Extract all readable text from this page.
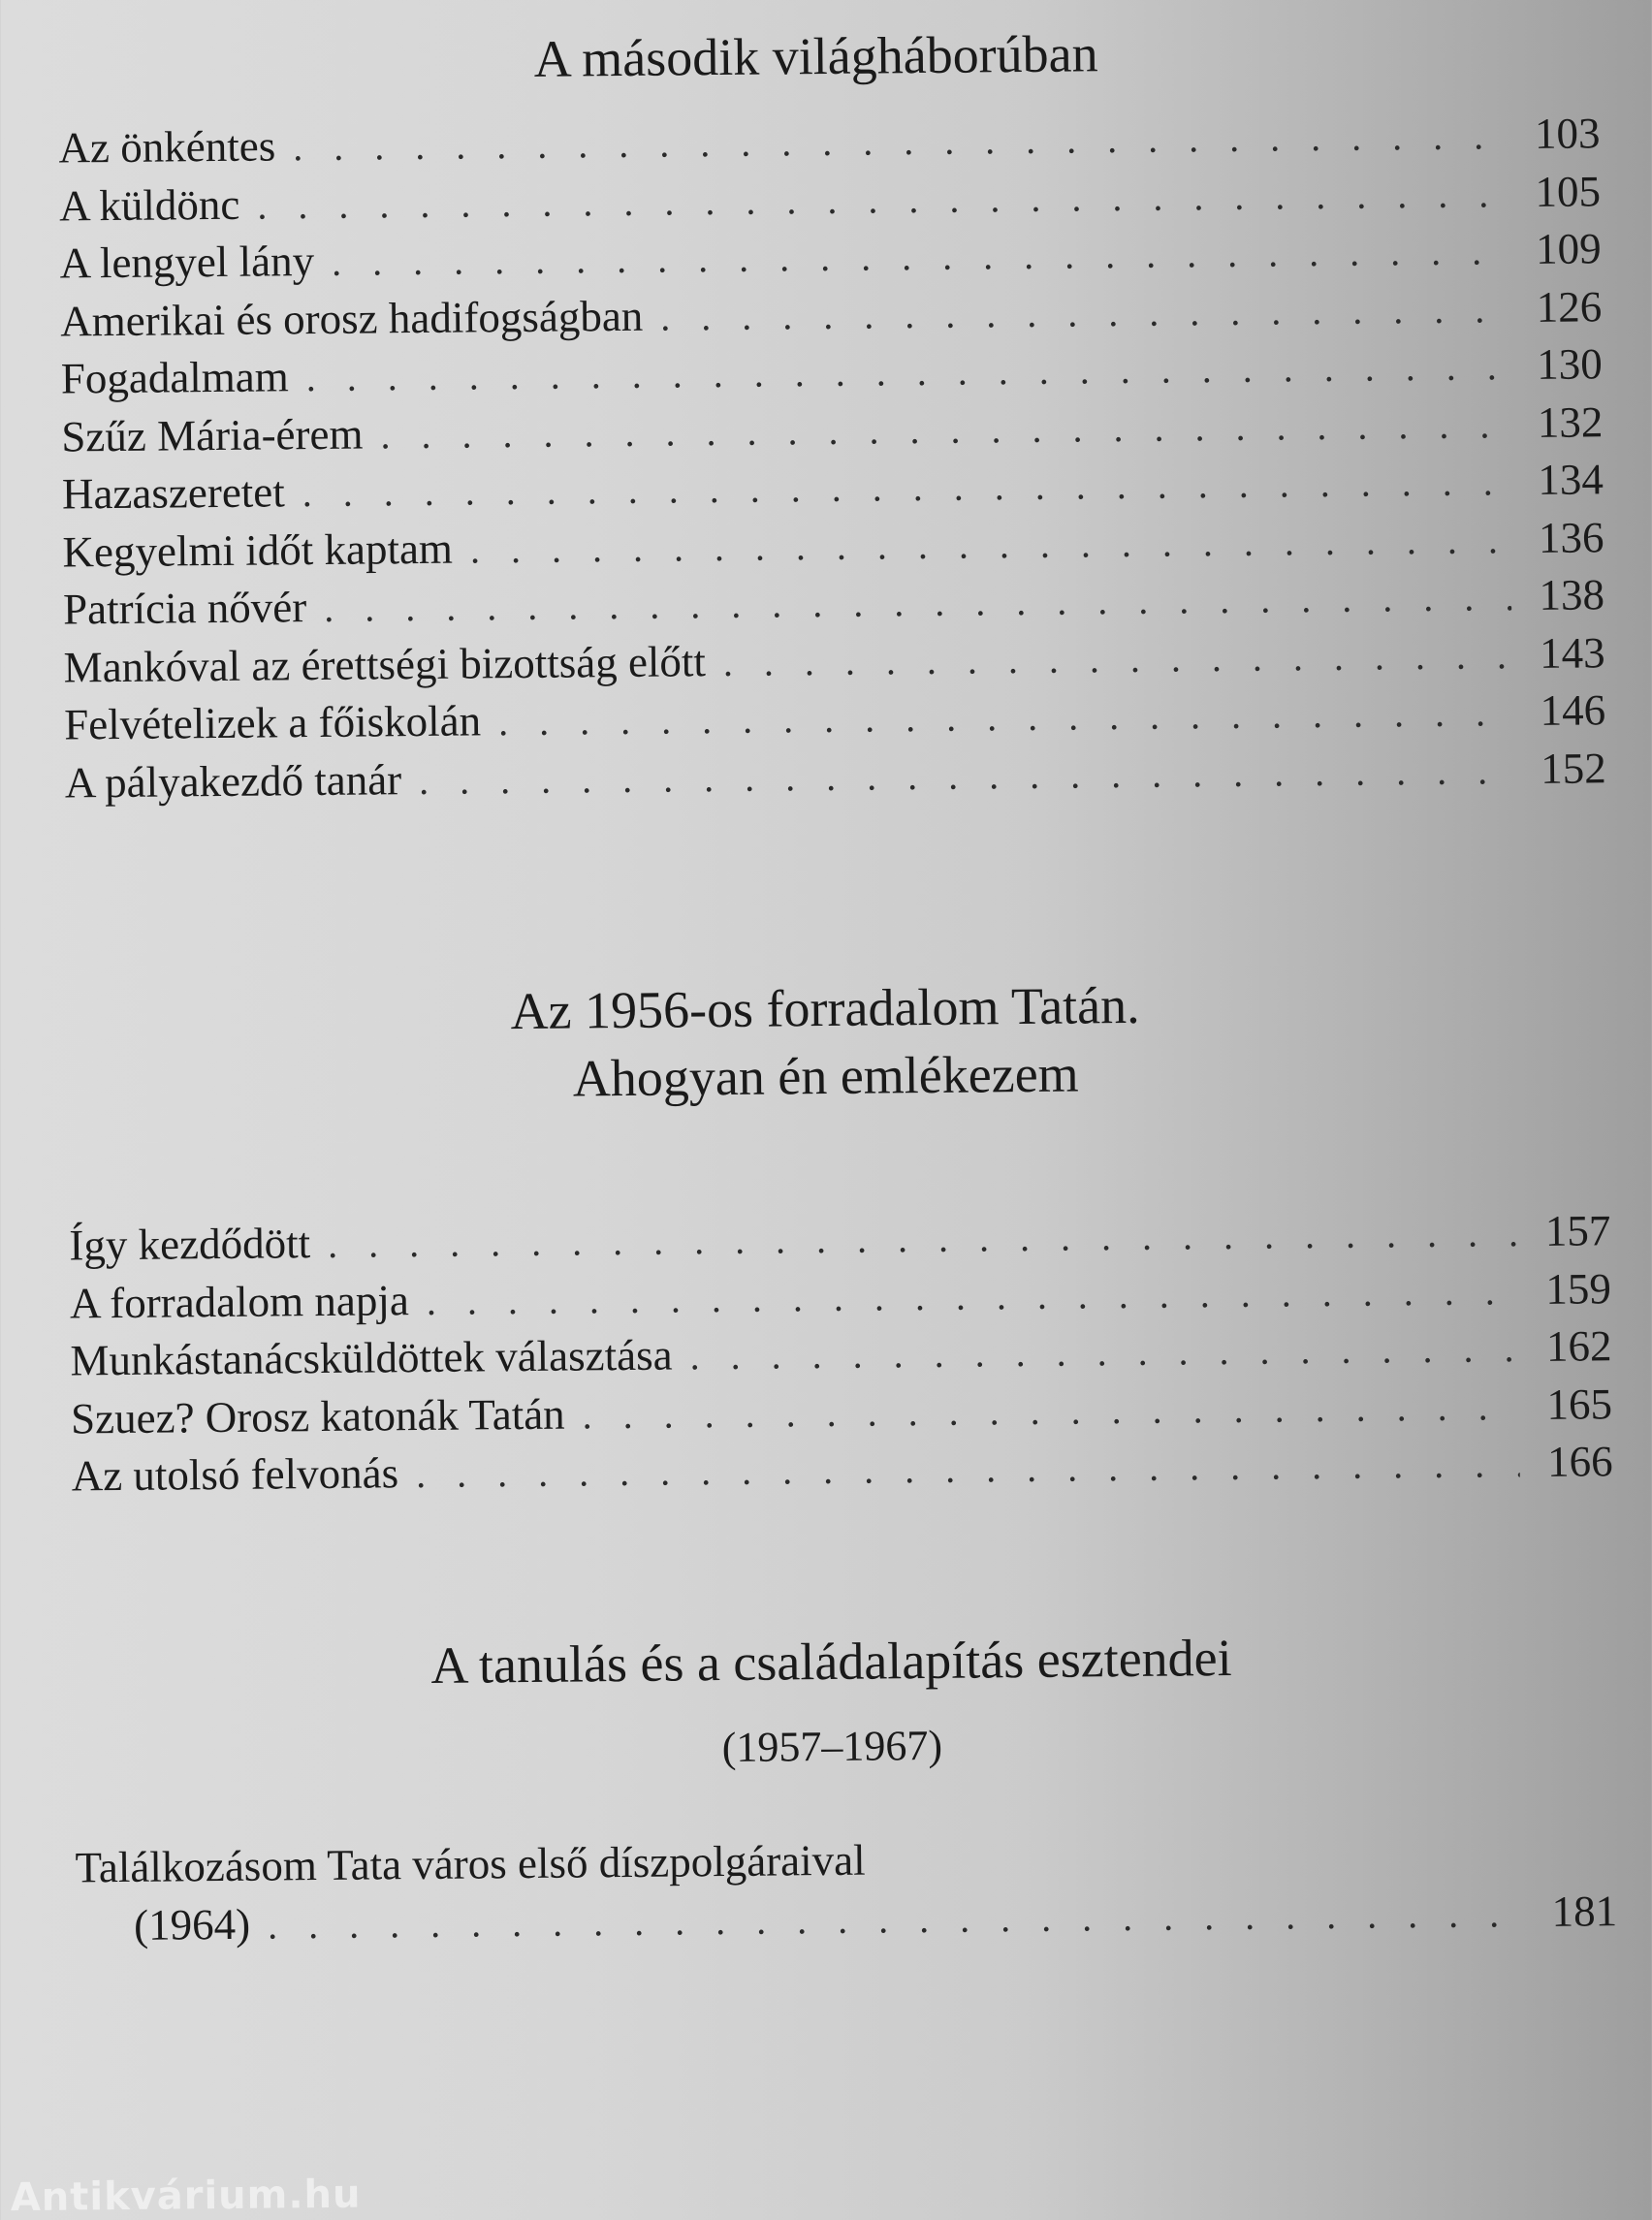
A második világháborúban
Az önkéntes . . .	103
A küldönc . . .	105
A lengyel lány . . .	109
Amerikai és orosz hadifogságban . . .	126
Fogadalmam . . .	130
Szűz Mária-érem . . .	132
Hazaszeretet . . .	134
Kegyelmi időt kaptam . . .	136
Patrícia nővér . . .	138
Mankóval az érettségi bizottság előtt . . .	143
Felvételizek a főiskolán . . .	146
A pályakezdő tanár . . .	152
Az 1956-os forradalom Tatán.
Ahogyan én emlékezem
Így kezdődött . . .	157
A forradalom napja . . .	159
Munkástanácsküldöttek választása . . .	162
Szuez? Orosz katonák Tatán . . .	165
Az utolsó felvonás . . .	166
A tanulás és a családalapítás esztendei
(1957–1967)
Találkozásom Tata város első díszpolgáraival
(1964) . . .	181
Antikvárium.hu
